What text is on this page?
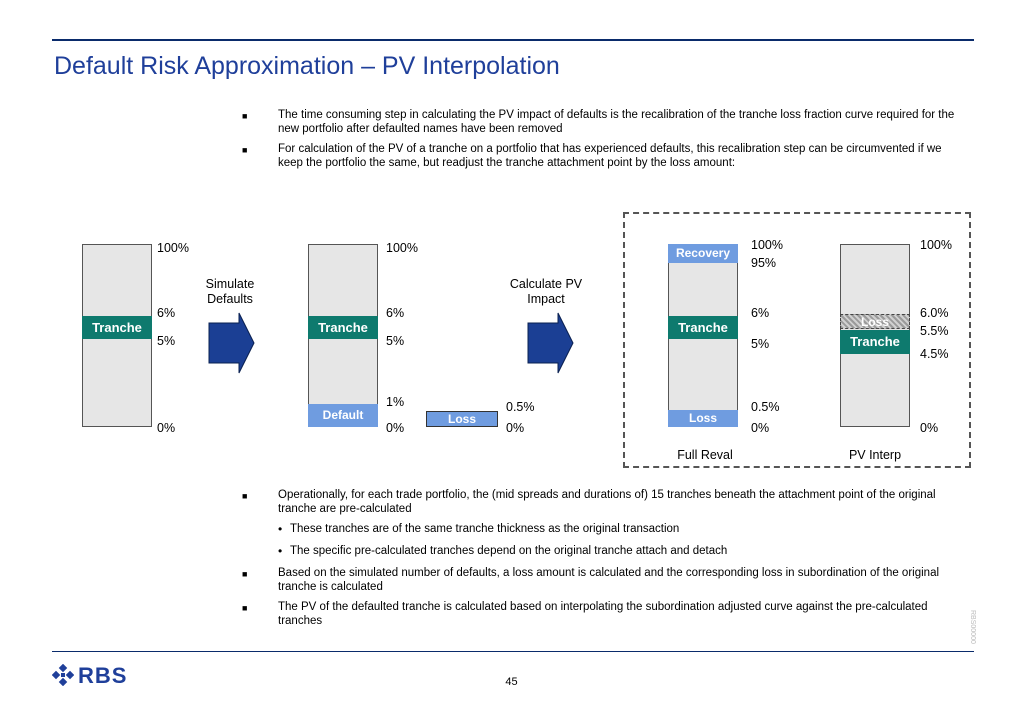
Default Risk Approximation – PV Interpolation
■	The time consuming step in calculating the PV impact of defaults is the recalibration of the tranche loss fraction curve required for the new portfolio after defaulted names have been removed
■	For calculation of the PV of a tranche on a portfolio that has experienced defaults, this recalibration step can be circumvented if we keep the portfolio the same, but readjust the tranche attachment point by the loss amount:
Tranche
100%
6%
5%
0%
Simulate
Defaults
Tranche
Default
100%
6%
5%
1%
0%
Loss
0.5%
0%
Calculate PV
Impact
Recovery
Tranche
Loss
100%
95%
6%
5%
0.5%
0%
Full Reval
Loss
Tranche
100%
6.0%
5.5%
4.5%
0%
PV Interp
■	Operationally, for each trade portfolio, the (mid spreads and durations of) 15 tranches beneath the attachment point of the original tranche are pre-calculated
• These tranches are of the same tranche thickness as the original transaction
• The specific pre-calculated tranches depend on the original tranche attach and detach
■	Based on the simulated number of defaults, a loss amount is calculated and the corresponding loss in subordination of the original tranche is calculated
■	The PV of the defaulted tranche is calculated based on interpolating the subordination adjusted curve against the pre-calculated tranches	RBS00000
RBS	45
